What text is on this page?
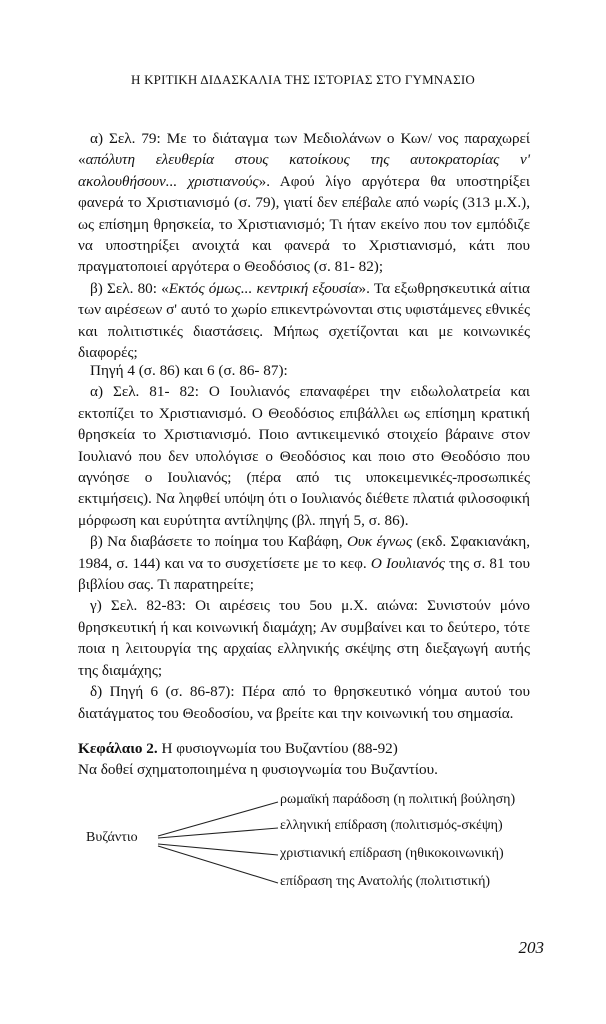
Η ΚΡΙΤΙΚΗ ΔΙΔΑΣΚΑΛΙΑ ΤΗΣ ΙΣΤΟΡΙΑΣ ΣΤΟ ΓΥΜΝΑΣΙΟ

α) Σελ. 79: Με το διάταγμα των Μεδιολάνων ο Κων/ νος παραχωρεί «απόλυτη ελευθερία στους κατοίκους της αυτοκρατορίας ν' ακολουθήσουν... χριστιανούς». Αφού λίγο αργότερα θα υποστηρίξει φανερά το Χριστιανισμό (σ. 79), γιατί δεν επέβαλε από νωρίς (313 μ.Χ.), ως επίσημη θρησκεία, το Χριστιανισμό; Τι ήταν εκείνο που τον εμπόδιζε να υποστηρίξει ανοιχτά και φανερά το Χριστιανισμό, κάτι που πραγματοποιεί αργότερα ο Θεοδόσιος (σ. 81- 82);

β) Σελ. 80: «Εκτός όμως... κεντρική εξουσία». Τα εξωθρησκευτικά αίτια των αιρέσεων σ' αυτό το χωρίο επικεντρώνονται στις υφιστάμενες εθνικές και πολιτιστικές διαστάσεις. Μήπως σχετίζονται και με κοινωνικές διαφορές;

Πηγή 4 (σ. 86) και 6 (σ. 86- 87):

α) Σελ. 81- 82: Ο Ιουλιανός επαναφέρει την ειδωλολατρεία και εκτοπίζει το Χριστιανισμό. Ο Θεοδόσιος επιβάλλει ως επίσημη κρατική θρησκεία το Χριστιανισμό. Ποιο αντικειμενικό στοιχείο βάραινε στον Ιουλιανό που δεν υπολόγισε ο Θεοδόσιος και ποιο στο Θεοδόσιο που αγνόησε ο Ιουλιανός; (πέρα από τις υποκειμενικές-προσωπικές εκτιμήσεις). Να ληφθεί υπόψη ότι ο Ιουλιανός διέθετε πλατιά φιλοσοφική μόρφωση και ευρύτητα αντίληψης (βλ. πηγή 5, σ. 86).

β) Να διαβάσετε το ποίημα του Καβάφη, Ουκ έγνως (εκδ. Σφακιανάκη, 1984, σ. 144) και να το συσχετίσετε με το κεφ. Ο Ιουλιανός της σ. 81 του βιβλίου σας. Τι παρατηρείτε;

γ) Σελ. 82-83: Οι αιρέσεις του 5ου μ.Χ. αιώνα: Συνιστούν μόνο θρησκευτική ή και κοινωνική διαμάχη; Αν συμβαίνει και το δεύτερο, τότε ποια η λειτουργία της αρχαίας ελληνικής σκέψης στη διεξαγωγή αυτής της διαμάχης;

δ) Πηγή 6 (σ. 86-87): Πέρα από το θρησκευτικό νόημα αυτού του διατάγματος του Θεοδοσίου, να βρείτε και την κοινωνική του σημασία.

Κεφάλαιο 2. Η φυσιογνωμία του Βυζαντίου (88-92)

Να δοθεί σχηματοποιημένα η φυσιογνωμία του Βυζαντίου.

Βυζάντιο
ρωμαϊκή παράδοση (η πολιτική βούληση)
ελληνική επίδραση (πολιτισμός-σκέψη)
χριστιανική επίδραση (ηθικοκοινωνική)
επίδραση της Ανατολής (πολιτιστική)
203
